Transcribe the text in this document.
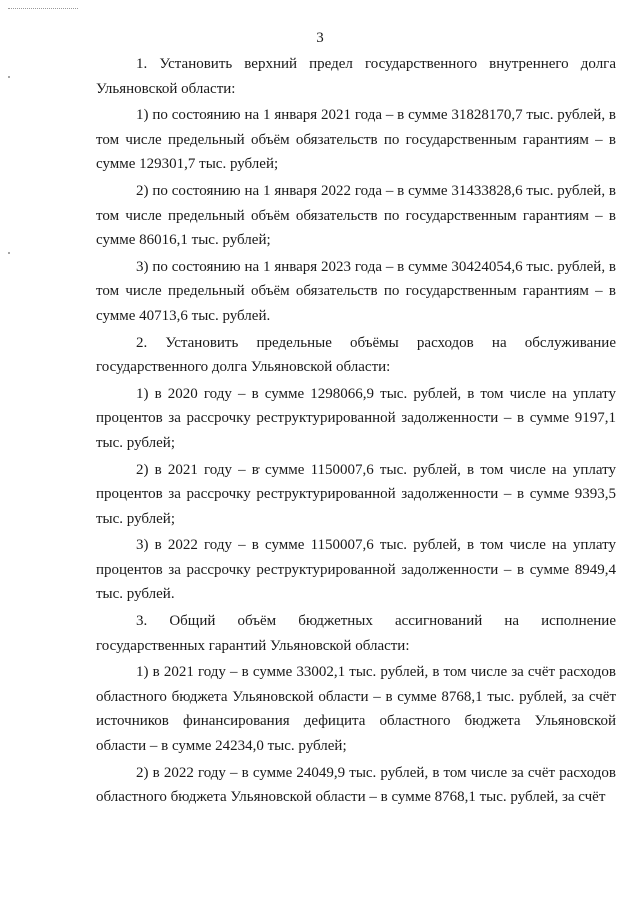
3

1. Установить верхний предел государственного внутреннего долга Ульяновской области:

1) по состоянию на 1 января 2021 года – в сумме 31828170,7 тыс. рублей, в том числе предельный объём обязательств по государственным гарантиям – в сумме 129301,7 тыс. рублей;

2) по состоянию на 1 января 2022 года – в сумме 31433828,6 тыс. рублей, в том числе предельный объём обязательств по государственным гарантиям – в сумме 86016,1 тыс. рублей;

3) по состоянию на 1 января 2023 года – в сумме 30424054,6 тыс. рублей, в том числе предельный объём обязательств по государственным гарантиям – в сумме 40713,6 тыс. рублей.

2. Установить предельные объёмы расходов на обслуживание государственного долга Ульяновской области:

1) в 2020 году – в сумме 1298066,9 тыс. рублей, в том числе на уплату процентов за рассрочку реструктурированной задолженности – в сумме 9197,1 тыс. рублей;

2) в 2021 году – в сумме 1150007,6 тыс. рублей, в том числе на уплату процентов за рассрочку реструктурированной задолженности – в сумме 9393,5 тыс. рублей;

3) в 2022 году – в сумме 1150007,6 тыс. рублей, в том числе на уплату процентов за рассрочку реструктурированной задолженности – в сумме 8949,4 тыс. рублей.

3. Общий объём бюджетных ассигнований на исполнение государственных гарантий Ульяновской области:

1) в 2021 году – в сумме 33002,1 тыс. рублей, в том числе за счёт расходов областного бюджета Ульяновской области – в сумме 8768,1 тыс. рублей, за счёт источников финансирования дефицита областного бюджета Ульяновской области – в сумме 24234,0 тыс. рублей;

2) в 2022 году – в сумме 24049,9 тыс. рублей, в том числе за счёт расходов областного бюджета Ульяновской области – в сумме 8768,1 тыс. рублей, за счёт
